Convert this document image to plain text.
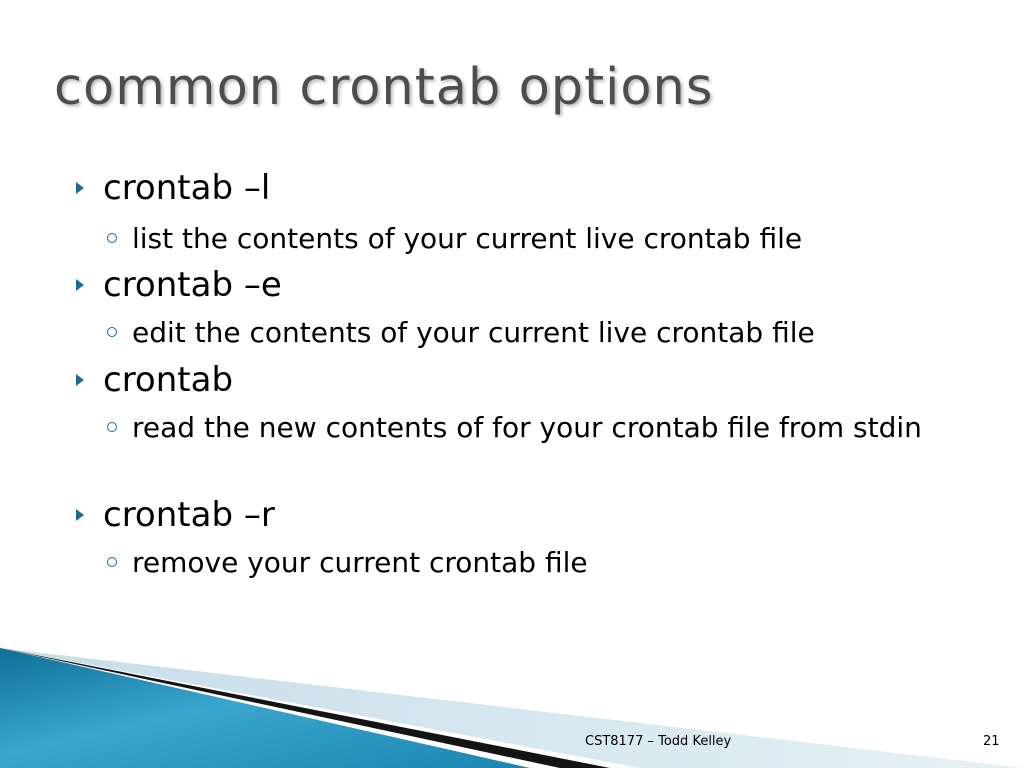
common crontab options
crontab –l
list the contents of your current live crontab file
crontab –e
edit the contents of your current live crontab file
crontab
read the new contents of for your crontab file from stdin
crontab –r
remove your current crontab file
CST8177 – Todd Kelley	21
